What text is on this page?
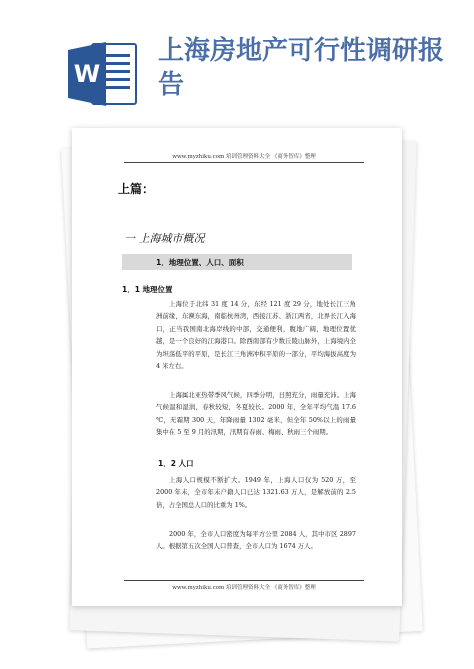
W
上海房地产可行性调研报告
www.myzhiku.com 培训管理资料大全 《商务智库》整理
上篇：
一 上海城市概况
1．地理位置、人口、面积
1．1 地理位置
上海位于北纬 31 度 14 分，东经 121 度 29 分，地处长江三角洲前缘，东濒东海，南临杭州湾，西接江苏、浙江两省，北界长江入海口，正当我国南北海岸线的中部，交通便利，腹地广阔，地理位置优越，是一个良好的江海港口。除西南部有少数丘陵山脉外，上海境内全为坦荡低平的平原，是长江三角洲冲积平原的一部分，平均海拔高度为 4 米左右。
上海属北亚热带季风气候，四季分明，日照充分，雨量充沛。上海气候温和湿润，春秋较短，冬夏较长。2000 年，全年平均气温 17.6 ℃，无霜期 300 天，年降雨量 1302 毫米，但全年 50%以上的雨量集中在 5 至 9 月的汛期，汛期有春雨、梅雨、秋雨三个雨期。
1．2 人口
上海人口规模不断扩大。1949 年，上海人口仅为 520 万，至 2000 年末，全市年末户籍人口已达 1321.63 万人，是解放前的 2.5 倍，占全国总人口的比重为 1%。
2000 年，全市人口密度为每平方公里 2084 人，其中市区 2897 人。根据第五次全国人口普查，全市人口为 1674 万人。
www.myzhiku.com 培训管理资料大全 《商务智库》整理
